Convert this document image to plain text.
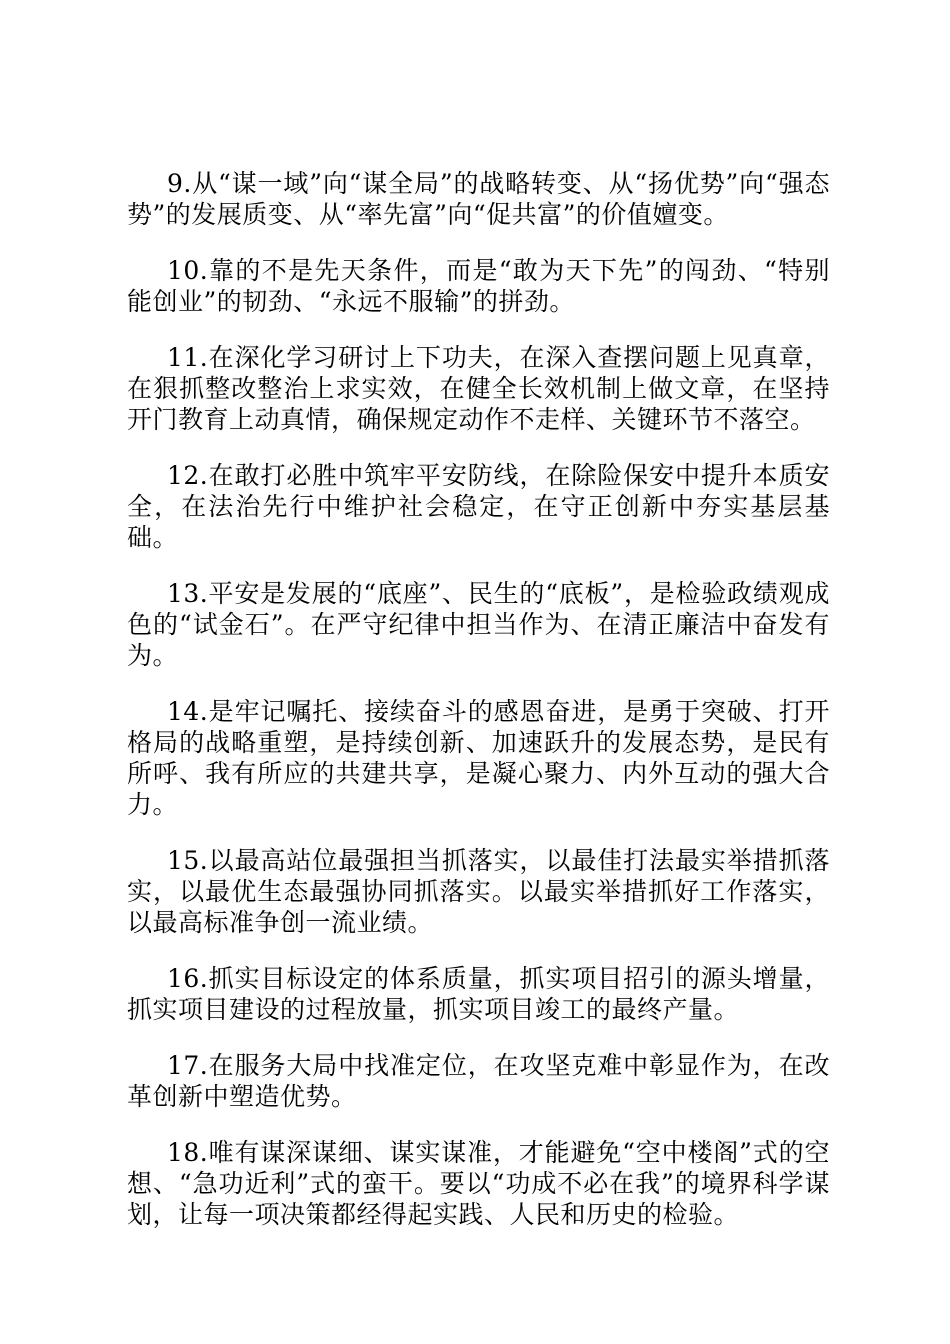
9.从“谋一域”向“谋全局”的战略转变、从“扬优势”向“强态势”的发展质变、从“率先富”向“促共富”的价值嬗变。

10.靠的不是先天条件，而是“敢为天下先”的闯劲、“特别能创业”的韧劲、“永远不服输”的拼劲。

11.在深化学习研讨上下功夫，在深入查摆问题上见真章，在狠抓整改整治上求实效，在健全长效机制上做文章，在坚持开门教育上动真情，确保规定动作不走样、关键环节不落空。

12.在敢打必胜中筑牢平安防线，在除险保安中提升本质安全，在法治先行中维护社会稳定，在守正创新中夯实基层基础。

13.平安是发展的“底座”、民生的“底板”，是检验政绩观成色的“试金石”。在严守纪律中担当作为、在清正廉洁中奋发有为。

14.是牢记嘱托、接续奋斗的感恩奋进，是勇于突破、打开格局的战略重塑，是持续创新、加速跃升的发展态势，是民有所呼、我有所应的共建共享，是凝心聚力、内外互动的强大合力。

15.以最高站位最强担当抓落实，以最佳打法最实举措抓落实，以最优生态最强协同抓落实。以最实举措抓好工作落实，以最高标准争创一流业绩。

16.抓实目标设定的体系质量，抓实项目招引的源头增量，抓实项目建设的过程放量，抓实项目竣工的最终产量。

17.在服务大局中找准定位，在攻坚克难中彰显作为，在改革创新中塑造优势。

18.唯有谋深谋细、谋实谋准，才能避免“空中楼阁”式的空想、“急功近利”式的蛮干。要以“功成不必在我”的境界科学谋划，让每一项决策都经得起实践、人民和历史的检验。
